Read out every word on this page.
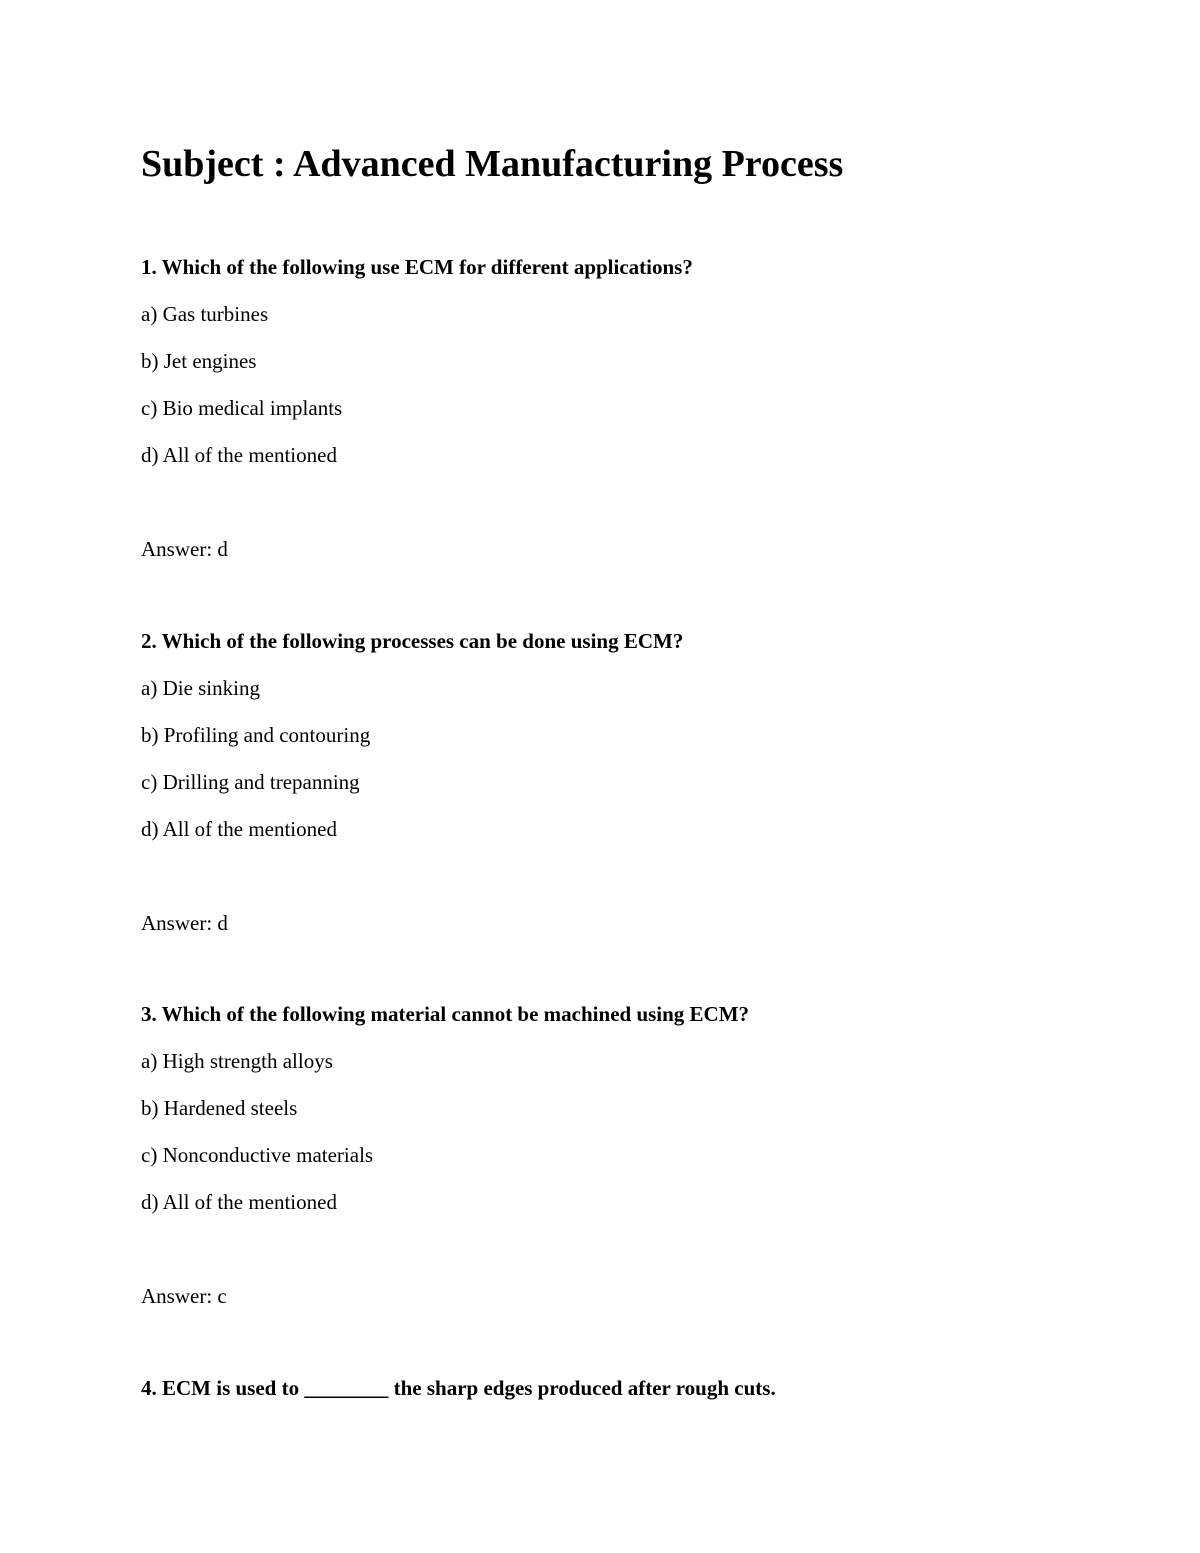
Subject : Advanced Manufacturing Process
1. Which of the following use ECM for different applications?
a) Gas turbines
b) Jet engines
c) Bio medical implants
d) All of the mentioned
Answer: d
2. Which of the following processes can be done using ECM?
a) Die sinking
b) Profiling and contouring
c) Drilling and trepanning
d) All of the mentioned
Answer: d
3. Which of the following material cannot be machined using ECM?
a) High strength alloys
b) Hardened steels
c) Nonconductive materials
d) All of the mentioned
Answer: c
4. ECM is used to ________ the sharp edges produced after rough cuts.
